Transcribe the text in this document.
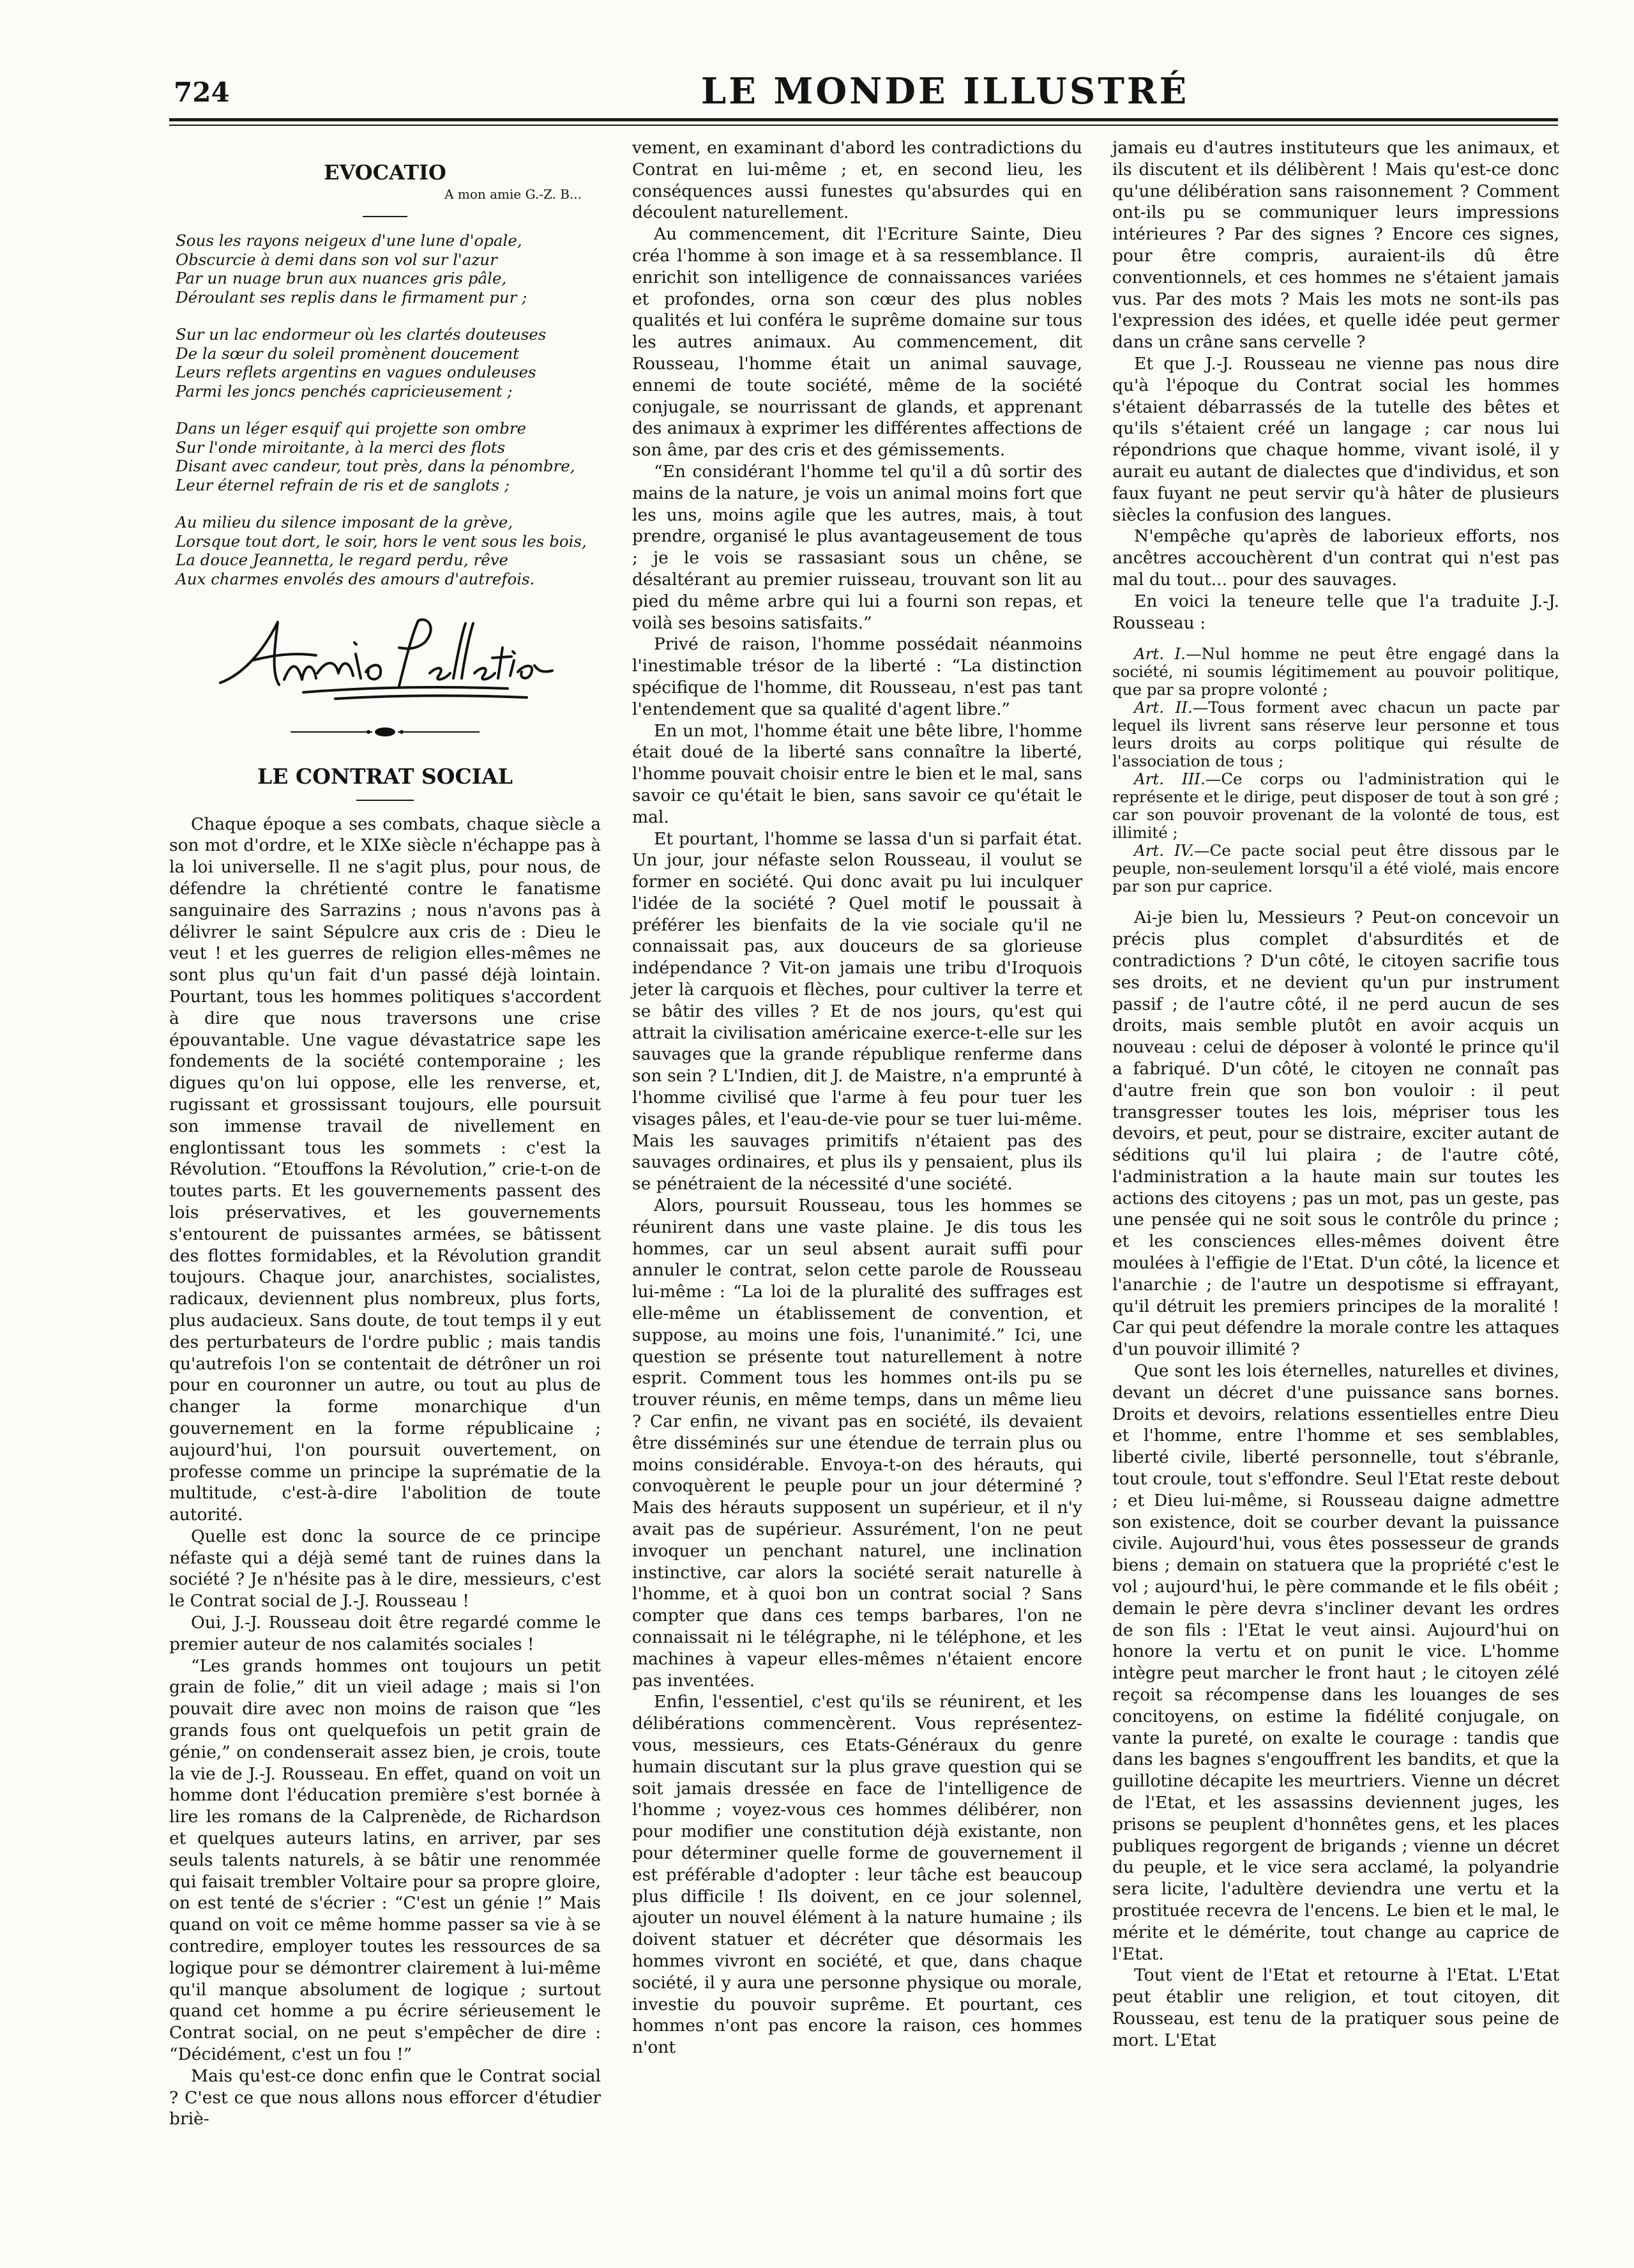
724	LE MONDE ILLUSTRÉ
EVOCATIO
A mon amie G.-Z. B...
Sous les rayons neigeux d'une lune d'opale,
Obscurcie à demi dans son vol sur l'azur
Par un nuage brun aux nuances gris pâle,
Déroulant ses replis dans le firmament pur ;
Sur un lac endormeur où les clartés douteuses
De la sœur du soleil promènent doucement
Leurs reflets argentins en vagues onduleuses
Parmi les joncs penchés capricieusement ;
Dans un léger esquif qui projette son ombre
Sur l'onde miroitante, à la merci des flots
Disant avec candeur, tout près, dans la pénombre,
Leur éternel refrain de ris et de sanglots ;
Au milieu du silence imposant de la grève,
Lorsque tout dort, le soir, hors le vent sous les bois,
La douce Jeannetta, le regard perdu, rêve
Aux charmes envolés des amours d'autrefois.

LE CONTRAT SOCIAL

Chaque époque a ses combats, chaque siècle a son mot d'ordre, et le XIXe siècle n'échappe pas à la loi universelle. Il ne s'agit plus, pour nous, de défendre la chrétienté contre le fanatisme sanguinaire des Sarrazins ; nous n'avons pas à délivrer le saint Sépulcre aux cris de : Dieu le veut ! et les guerres de religion elles-mêmes ne sont plus qu'un fait d'un passé déjà lointain. Pourtant, tous les hommes politiques s'accordent à dire que nous traversons une crise épouvantable. Une vague dévastatrice sape les fondements de la société contemporaine ; les digues qu'on lui oppose, elle les renverse, et, rugissant et grossissant toujours, elle poursuit son immense travail de nivellement en englontissant tous les sommets : c'est la Révolution. “Etouffons la Révolution,” crie-t-on de toutes parts. Et les gouvernements passent des lois préservatives, et les gouvernements s'entourent de puissantes armées, se bâtissent des flottes formidables, et la Révolution grandit toujours. Chaque jour, anarchistes, socialistes, radicaux, deviennent plus nombreux, plus forts, plus audacieux. Sans doute, de tout temps il y eut des perturbateurs de l'ordre public ; mais tandis qu'autrefois l'on se contentait de détrôner un roi pour en couronner un autre, ou tout au plus de changer la forme monarchique d'un gouvernement en la forme républicaine ; aujourd'hui, l'on poursuit ouvertement, on professe comme un principe la suprématie de la multitude, c'est-à-dire l'abolition de toute autorité.

Quelle est donc la source de ce principe néfaste qui a déjà semé tant de ruines dans la société ? Je n'hésite pas à le dire, messieurs, c'est le Contrat social de J.-J. Rousseau !

Oui, J.-J. Rousseau doit être regardé comme le premier auteur de nos calamités sociales !

“Les grands hommes ont toujours un petit grain de folie,” dit un vieil adage ; mais si l'on pouvait dire avec non moins de raison que “les grands fous ont quelquefois un petit grain de génie,” on condenserait assez bien, je crois, toute la vie de J.-J. Rousseau. En effet, quand on voit un homme dont l'éducation première s'est bornée à lire les romans de la Calprenède, de Richardson et quelques auteurs latins, en arriver, par ses seuls talents naturels, à se bâtir une renommée qui faisait trembler Voltaire pour sa propre gloire, on est tenté de s'écrier : “C'est un génie !” Mais quand on voit ce même homme passer sa vie à se contredire, employer toutes les ressources de sa logique pour se démontrer clairement à lui-même qu'il manque absolument de logique ; surtout quand cet homme a pu écrire sérieusement le Contrat social, on ne peut s'empêcher de dire : “Décidément, c'est un fou !”

Mais qu'est-ce donc enfin que le Contrat social ? C'est ce que nous allons nous efforcer d'étudier briè-

vement, en examinant d'abord les contradictions du Contrat en lui-même ; et, en second lieu, les conséquences aussi funestes qu'absurdes qui en découlent naturellement.

Au commencement, dit l'Ecriture Sainte, Dieu créa l'homme à son image et à sa ressemblance. Il enrichit son intelligence de connaissances variées et profondes, orna son cœur des plus nobles qualités et lui conféra le suprême domaine sur tous les autres animaux. Au commencement, dit Rousseau, l'homme était un animal sauvage, ennemi de toute société, même de la société conjugale, se nourrissant de glands, et apprenant des animaux à exprimer les différentes affections de son âme, par des cris et des gémissements.

“En considérant l'homme tel qu'il a dû sortir des mains de la nature, je vois un animal moins fort que les uns, moins agile que les autres, mais, à tout prendre, organisé le plus avantageusement de tous ; je le vois se rassasiant sous un chêne, se désaltérant au premier ruisseau, trouvant son lit au pied du même arbre qui lui a fourni son repas, et voilà ses besoins satisfaits.”

Privé de raison, l'homme possédait néanmoins l'inestimable trésor de la liberté : “La distinction spécifique de l'homme, dit Rousseau, n'est pas tant l'entendement que sa qualité d'agent libre.”

En un mot, l'homme était une bête libre, l'homme était doué de la liberté sans connaître la liberté, l'homme pouvait choisir entre le bien et le mal, sans savoir ce qu'était le bien, sans savoir ce qu'était le mal.

Et pourtant, l'homme se lassa d'un si parfait état. Un jour, jour néfaste selon Rousseau, il voulut se former en société. Qui donc avait pu lui inculquer l'idée de la société ? Quel motif le poussait à préférer les bienfaits de la vie sociale qu'il ne connaissait pas, aux douceurs de sa glorieuse indépendance ? Vit-on jamais une tribu d'Iroquois jeter là carquois et flèches, pour cultiver la terre et se bâtir des villes ? Et de nos jours, qu'est qui attrait la civilisation américaine exerce-t-elle sur les sauvages que la grande république renferme dans son sein ? L'Indien, dit J. de Maistre, n'a emprunté à l'homme civilisé que l'arme à feu pour tuer les visages pâles, et l'eau-de-vie pour se tuer lui-même. Mais les sauvages primitifs n'étaient pas des sauvages ordinaires, et plus ils y pensaient, plus ils se pénétraient de la nécessité d'une société.

Alors, poursuit Rousseau, tous les hommes se réunirent dans une vaste plaine. Je dis tous les hommes, car un seul absent aurait suffi pour annuler le contrat, selon cette parole de Rousseau lui-même : “La loi de la pluralité des suffrages est elle-même un établissement de convention, et suppose, au moins une fois, l'unanimité.” Ici, une question se présente tout naturellement à notre esprit. Comment tous les hommes ont-ils pu se trouver réunis, en même temps, dans un même lieu ? Car enfin, ne vivant pas en société, ils devaient être disséminés sur une étendue de terrain plus ou moins considérable. Envoya-t-on des hérauts, qui convoquèrent le peuple pour un jour déterminé ? Mais des hérauts supposent un supérieur, et il n'y avait pas de supérieur. Assurément, l'on ne peut invoquer un penchant naturel, une inclination instinctive, car alors la société serait naturelle à l'homme, et à quoi bon un contrat social ? Sans compter que dans ces temps barbares, l'on ne connaissait ni le télégraphe, ni le téléphone, et les machines à vapeur elles-mêmes n'étaient encore pas inventées.

Enfin, l'essentiel, c'est qu'ils se réunirent, et les délibérations commencèrent. Vous représentez-vous, messieurs, ces Etats-Généraux du genre humain discutant sur la plus grave question qui se soit jamais dressée en face de l'intelligence de l'homme ; voyez-vous ces hommes délibérer, non pour modifier une constitution déjà existante, non pour déterminer quelle forme de gouvernement il est préférable d'adopter : leur tâche est beaucoup plus difficile ! Ils doivent, en ce jour solennel, ajouter un nouvel élément à la nature humaine ; ils doivent statuer et décréter que désormais les hommes vivront en société, et que, dans chaque société, il y aura une personne physique ou morale, investie du pouvoir suprême. Et pourtant, ces hommes n'ont pas encore la raison, ces hommes n'ont

jamais eu d'autres instituteurs que les animaux, et ils discutent et ils délibèrent ! Mais qu'est-ce donc qu'une délibération sans raisonnement ? Comment ont-ils pu se communiquer leurs impressions intérieures ? Par des signes ? Encore ces signes, pour être compris, auraient-ils dû être conventionnels, et ces hommes ne s'étaient jamais vus. Par des mots ? Mais les mots ne sont-ils pas l'expression des idées, et quelle idée peut germer dans un crâne sans cervelle ?

Et que J.-J. Rousseau ne vienne pas nous dire qu'à l'époque du Contrat social les hommes s'étaient débarrassés de la tutelle des bêtes et qu'ils s'étaient créé un langage ; car nous lui répondrions que chaque homme, vivant isolé, il y aurait eu autant de dialectes que d'individus, et son faux fuyant ne peut servir qu'à hâter de plusieurs siècles la confusion des langues.

N'empêche qu'après de laborieux efforts, nos ancêtres accouchèrent d'un contrat qui n'est pas mal du tout... pour des sauvages.

En voici la teneure telle que l'a traduite J.-J. Rousseau :

Art. I.—Nul homme ne peut être engagé dans la société, ni soumis légitimement au pouvoir politique, que par sa propre volonté ;

Art. II.—Tous forment avec chacun un pacte par lequel ils livrent sans réserve leur personne et tous leurs droits au corps politique qui résulte de l'association de tous ;

Art. III.—Ce corps ou l'administration qui le représente et le dirige, peut disposer de tout à son gré ; car son pouvoir provenant de la volonté de tous, est illimité ;

Art. IV.—Ce pacte social peut être dissous par le peuple, non-seulement lorsqu'il a été violé, mais encore par son pur caprice.

Ai-je bien lu, Messieurs ? Peut-on concevoir un précis plus complet d'absurdités et de contradictions ? D'un côté, le citoyen sacrifie tous ses droits, et ne devient qu'un pur instrument passif ; de l'autre côté, il ne perd aucun de ses droits, mais semble plutôt en avoir acquis un nouveau : celui de déposer à volonté le prince qu'il a fabriqué. D'un côté, le citoyen ne connaît pas d'autre frein que son bon vouloir : il peut transgresser toutes les lois, mépriser tous les devoirs, et peut, pour se distraire, exciter autant de séditions qu'il lui plaira ; de l'autre côté, l'administration a la haute main sur toutes les actions des citoyens ; pas un mot, pas un geste, pas une pensée qui ne soit sous le contrôle du prince ; et les consciences elles-mêmes doivent être moulées à l'effigie de l'Etat. D'un côté, la licence et l'anarchie ; de l'autre un despotisme si effrayant, qu'il détruit les premiers principes de la moralité ! Car qui peut défendre la morale contre les attaques d'un pouvoir illimité ?

Que sont les lois éternelles, naturelles et divines, devant un décret d'une puissance sans bornes. Droits et devoirs, relations essentielles entre Dieu et l'homme, entre l'homme et ses semblables, liberté civile, liberté personnelle, tout s'ébranle, tout croule, tout s'effondre. Seul l'Etat reste debout ; et Dieu lui-même, si Rousseau daigne admettre son existence, doit se courber devant la puissance civile. Aujourd'hui, vous êtes possesseur de grands biens ; demain on statuera que la propriété c'est le vol ; aujourd'hui, le père commande et le fils obéit ; demain le père devra s'incliner devant les ordres de son fils : l'Etat le veut ainsi. Aujourd'hui on honore la vertu et on punit le vice. L'homme intègre peut marcher le front haut ; le citoyen zélé reçoit sa récompense dans les louanges de ses concitoyens, on estime la fidélité conjugale, on vante la pureté, on exalte le courage : tandis que dans les bagnes s'engouffrent les bandits, et que la guillotine décapite les meurtriers. Vienne un décret de l'Etat, et les assassins deviennent juges, les prisons se peuplent d'honnêtes gens, et les places publiques regorgent de brigands ; vienne un décret du peuple, et le vice sera acclamé, la polyandrie sera licite, l'adultère deviendra une vertu et la prostituée recevra de l'encens. Le bien et le mal, le mérite et le démérite, tout change au caprice de l'Etat.

Tout vient de l'Etat et retourne à l'Etat. L'Etat peut établir une religion, et tout citoyen, dit Rousseau, est tenu de la pratiquer sous peine de mort. L'Etat
